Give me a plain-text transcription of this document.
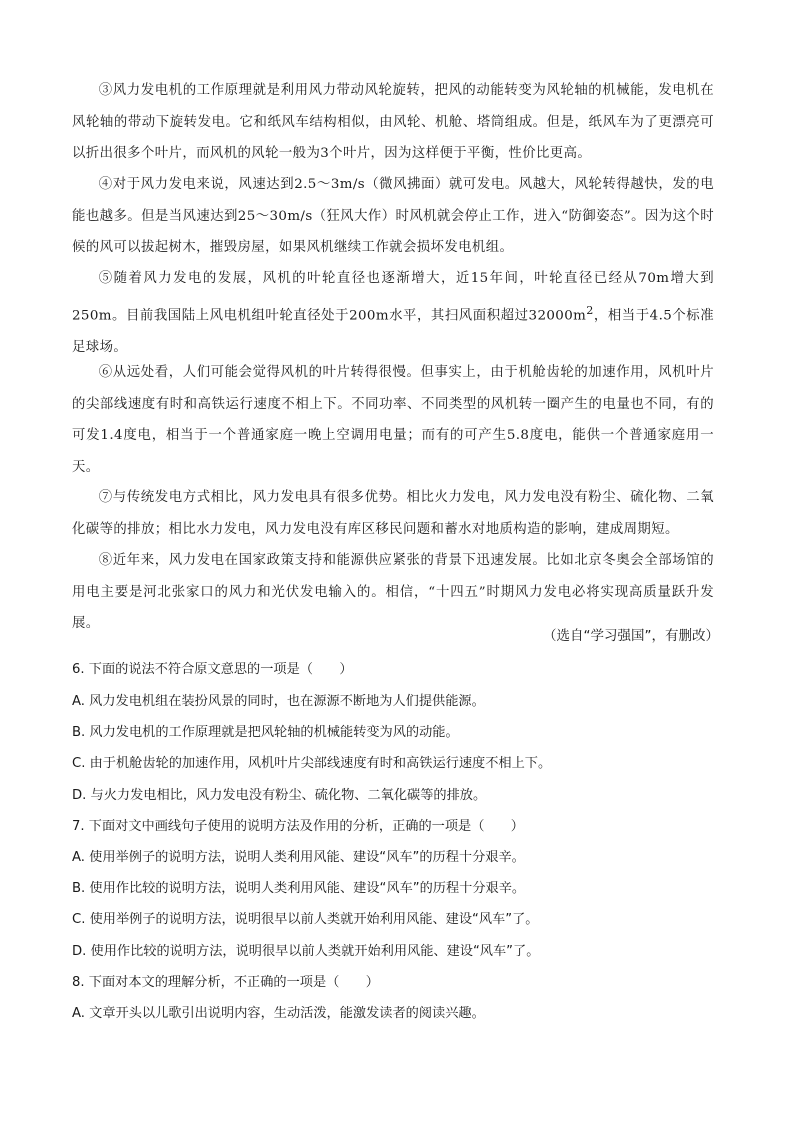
③风力发电机的工作原理就是利用风力带动风轮旋转，把风的动能转变为风轮轴的机械能，发电机在风轮轴的带动下旋转发电。它和纸风车结构相似，由风轮、机舱、塔筒组成。但是，纸风车为了更漂亮可以折出很多个叶片，而风机的风轮一般为3个叶片，因为这样便于平衡，性价比更高。

④对于风力发电来说，风速达到2.5～3m/s（微风拂面）就可发电。风越大，风轮转得越快，发的电能也越多。但是当风速达到25～30m/s（狂风大作）时风机就会停止工作，进入“防御姿态”。因为这个时候的风可以拔起树木，摧毁房屋，如果风机继续工作就会损坏发电机组。

⑤随着风力发电的发展，风机的叶轮直径也逐渐增大，近15年间，叶轮直径已经从70m增大到250m。目前我国陆上风电机组叶轮直径处于200m水平，其扫风面积超过$32000m^2$，相当于4.5个标准足球场。

⑥从远处看，人们可能会觉得风机的叶片转得很慢。但事实上，由于机舱齿轮的加速作用，风机叶片的尖部线速度有时和高铁运行速度不相上下。不同功率、不同类型的风机转一圈产生的电量也不同，有的可发1.4度电，相当于一个普通家庭一晚上空调用电量；而有的可产生5.8度电，能供一个普通家庭用一天。

⑦与传统发电方式相比，风力发电具有很多优势。相比火力发电，风力发电没有粉尘、硫化物、二氧化碳等的排放；相比水力发电，风力发电没有库区移民问题和蓄水对地质构造的影响，建成周期短。

⑧近年来，风力发电在国家政策支持和能源供应紧张的背景下迅速发展。比如北京冬奥会全部场馆的用电主要是河北张家口的风力和光伏发电输入的。相信，“十四五”时期风力发电必将实现高质量跃升发展。

（选自“学习强国”，有删改）
6. 下面的说法不符合原文意思的一项是（　　）
A. 风力发电机组在装扮风景的同时，也在源源不断地为人们提供能源。
B. 风力发电机的工作原理就是把风轮轴的机械能转变为风的动能。
C. 由于机舱齿轮的加速作用，风机叶片尖部线速度有时和高铁运行速度不相上下。
D. 与火力发电相比，风力发电没有粉尘、硫化物、二氧化碳等的排放。
7. 下面对文中画线句子使用的说明方法及作用的分析，正确的一项是（　　）
A. 使用举例子的说明方法，说明人类利用风能、建设“风车”的历程十分艰辛。
B. 使用作比较的说明方法，说明人类利用风能、建设“风车”的历程十分艰辛。
C. 使用举例子的说明方法，说明很早以前人类就开始利用风能、建设“风车”了。
D. 使用作比较的说明方法，说明很早以前人类就开始利用风能、建设“风车”了。
8. 下面对本文的理解分析，不正确的一项是（　　）
A. 文章开头以儿歌引出说明内容，生动活泼，能激发读者的阅读兴趣。
